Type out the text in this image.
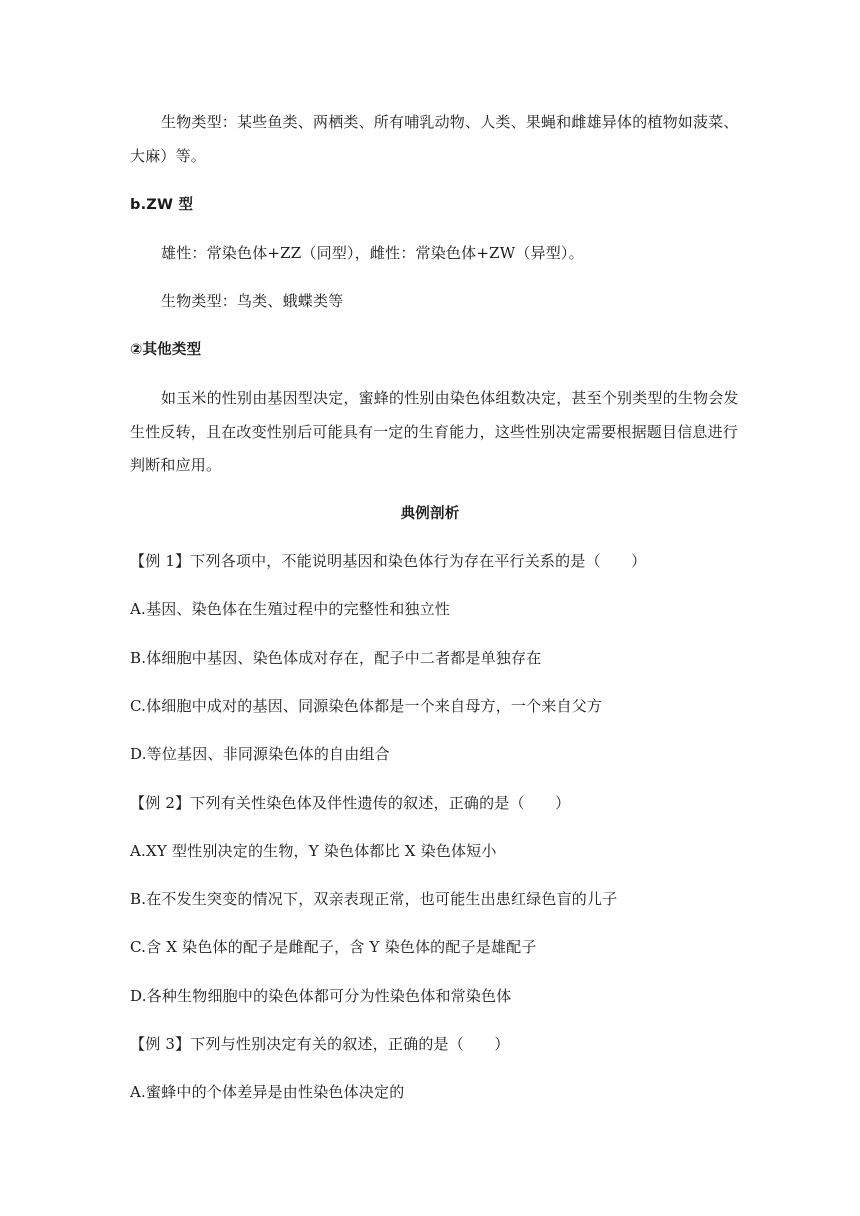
生物类型：某些鱼类、两栖类、所有哺乳动物、人类、果蝇和雌雄异体的植物如菠菜、
大麻）等。
b.ZW 型
雄性：常染色体+ZZ（同型），雌性：常染色体+ZW（异型）。
生物类型：鸟类、蛾蝶类等
②其他类型
如玉米的性别由基因型决定，蜜蜂的性别由染色体组数决定，甚至个别类型的生物会发
生性反转，且在改变性别后可能具有一定的生育能力，这些性别决定需要根据题目信息进行
判断和应用。
典例剖析
【例 1】下列各项中，不能说明基因和染色体行为存在平行关系的是（　　）
A.基因、染色体在生殖过程中的完整性和独立性
B.体细胞中基因、染色体成对存在，配子中二者都是单独存在
C.体细胞中成对的基因、同源染色体都是一个来自母方，一个来自父方
D.等位基因、非同源染色体的自由组合
【例 2】下列有关性染色体及伴性遗传的叙述，正确的是（　　）
A.XY 型性别决定的生物，Y 染色体都比 X 染色体短小
B.在不发生突变的情况下，双亲表现正常，也可能生出患红绿色盲的儿子
C.含 X 染色体的配子是雌配子，含 Y 染色体的配子是雄配子
D.各种生物细胞中的染色体都可分为性染色体和常染色体
【例 3】下列与性别决定有关的叙述，正确的是（　　）
A.蜜蜂中的个体差异是由性染色体决定的
